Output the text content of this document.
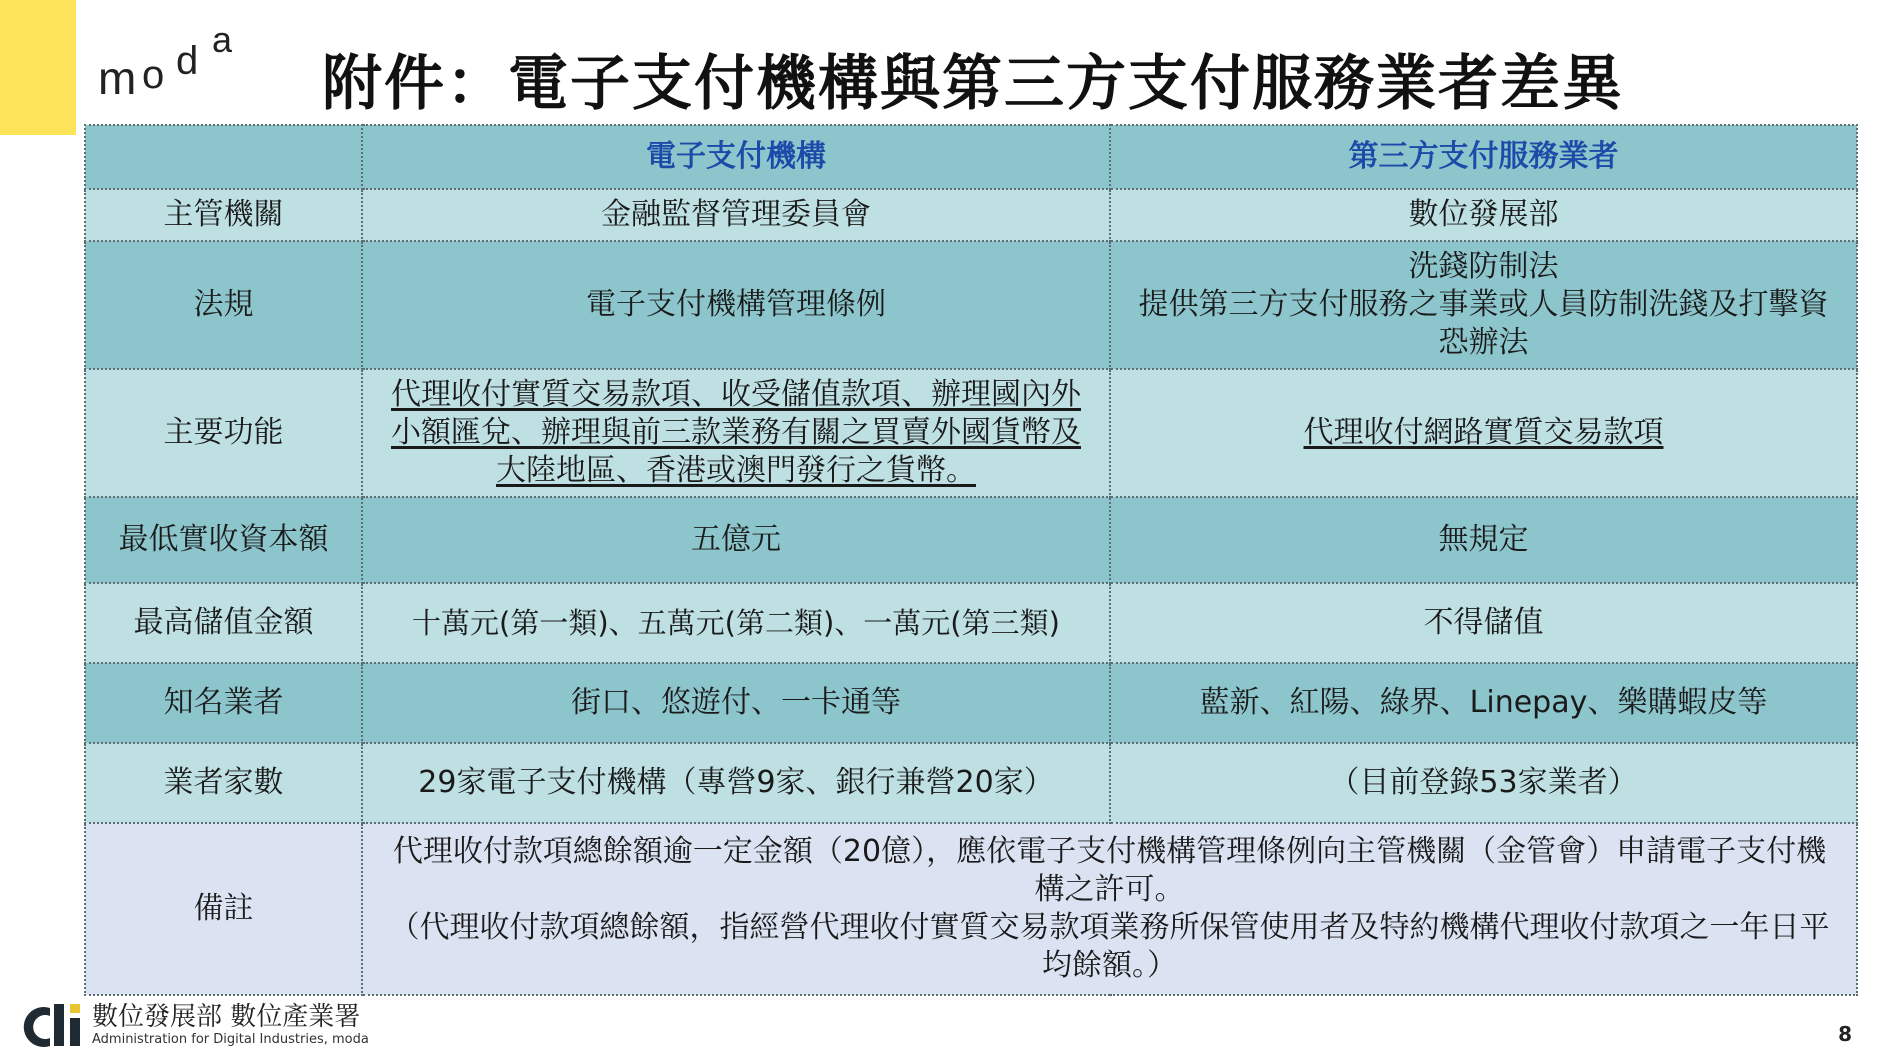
m o d a
附件：電子支付機構與第三方支付服務業者差異
	電子支付機構	第三方支付服務業者
主管機關	金融監督管理委員會	數位發展部
法規	電子支付機構管理條例	洗錢防制法
提供第三方支付服務之事業或人員防制洗錢及打擊資恐辦法

主要功能	代理收付實質交易款項、收受儲值款項、辦理國內外小額匯兌、辦理與前三款業務有關之買賣外國貨幣及大陸地區、香港或澳門發行之貨幣。	代理收付網路實質交易款項
最低實收資本額	五億元	無規定
最高儲值金額	十萬元(第一類)、五萬元(第二類)、一萬元(第三類)	不得儲值
知名業者	街口、悠遊付、一卡通等	藍新、紅陽、綠界、Linepay、樂購蝦皮等
業者家數	29家電子支付機構（專營9家、銀行兼營20家）	（目前登錄53家業者）
備註	代理收付款項總餘額逾一定金額（20億），應依電子支付機構管理條例向主管機關（金管會）申請電子支付機構之許可。
（代理收付款項總餘額，指經營代理收付實質交易款項業務所保管使用者及特約機構代理收付款項之一年日平均餘額。）	
數位發展部 數位產業署
Administration for Digital Industries, moda	8
